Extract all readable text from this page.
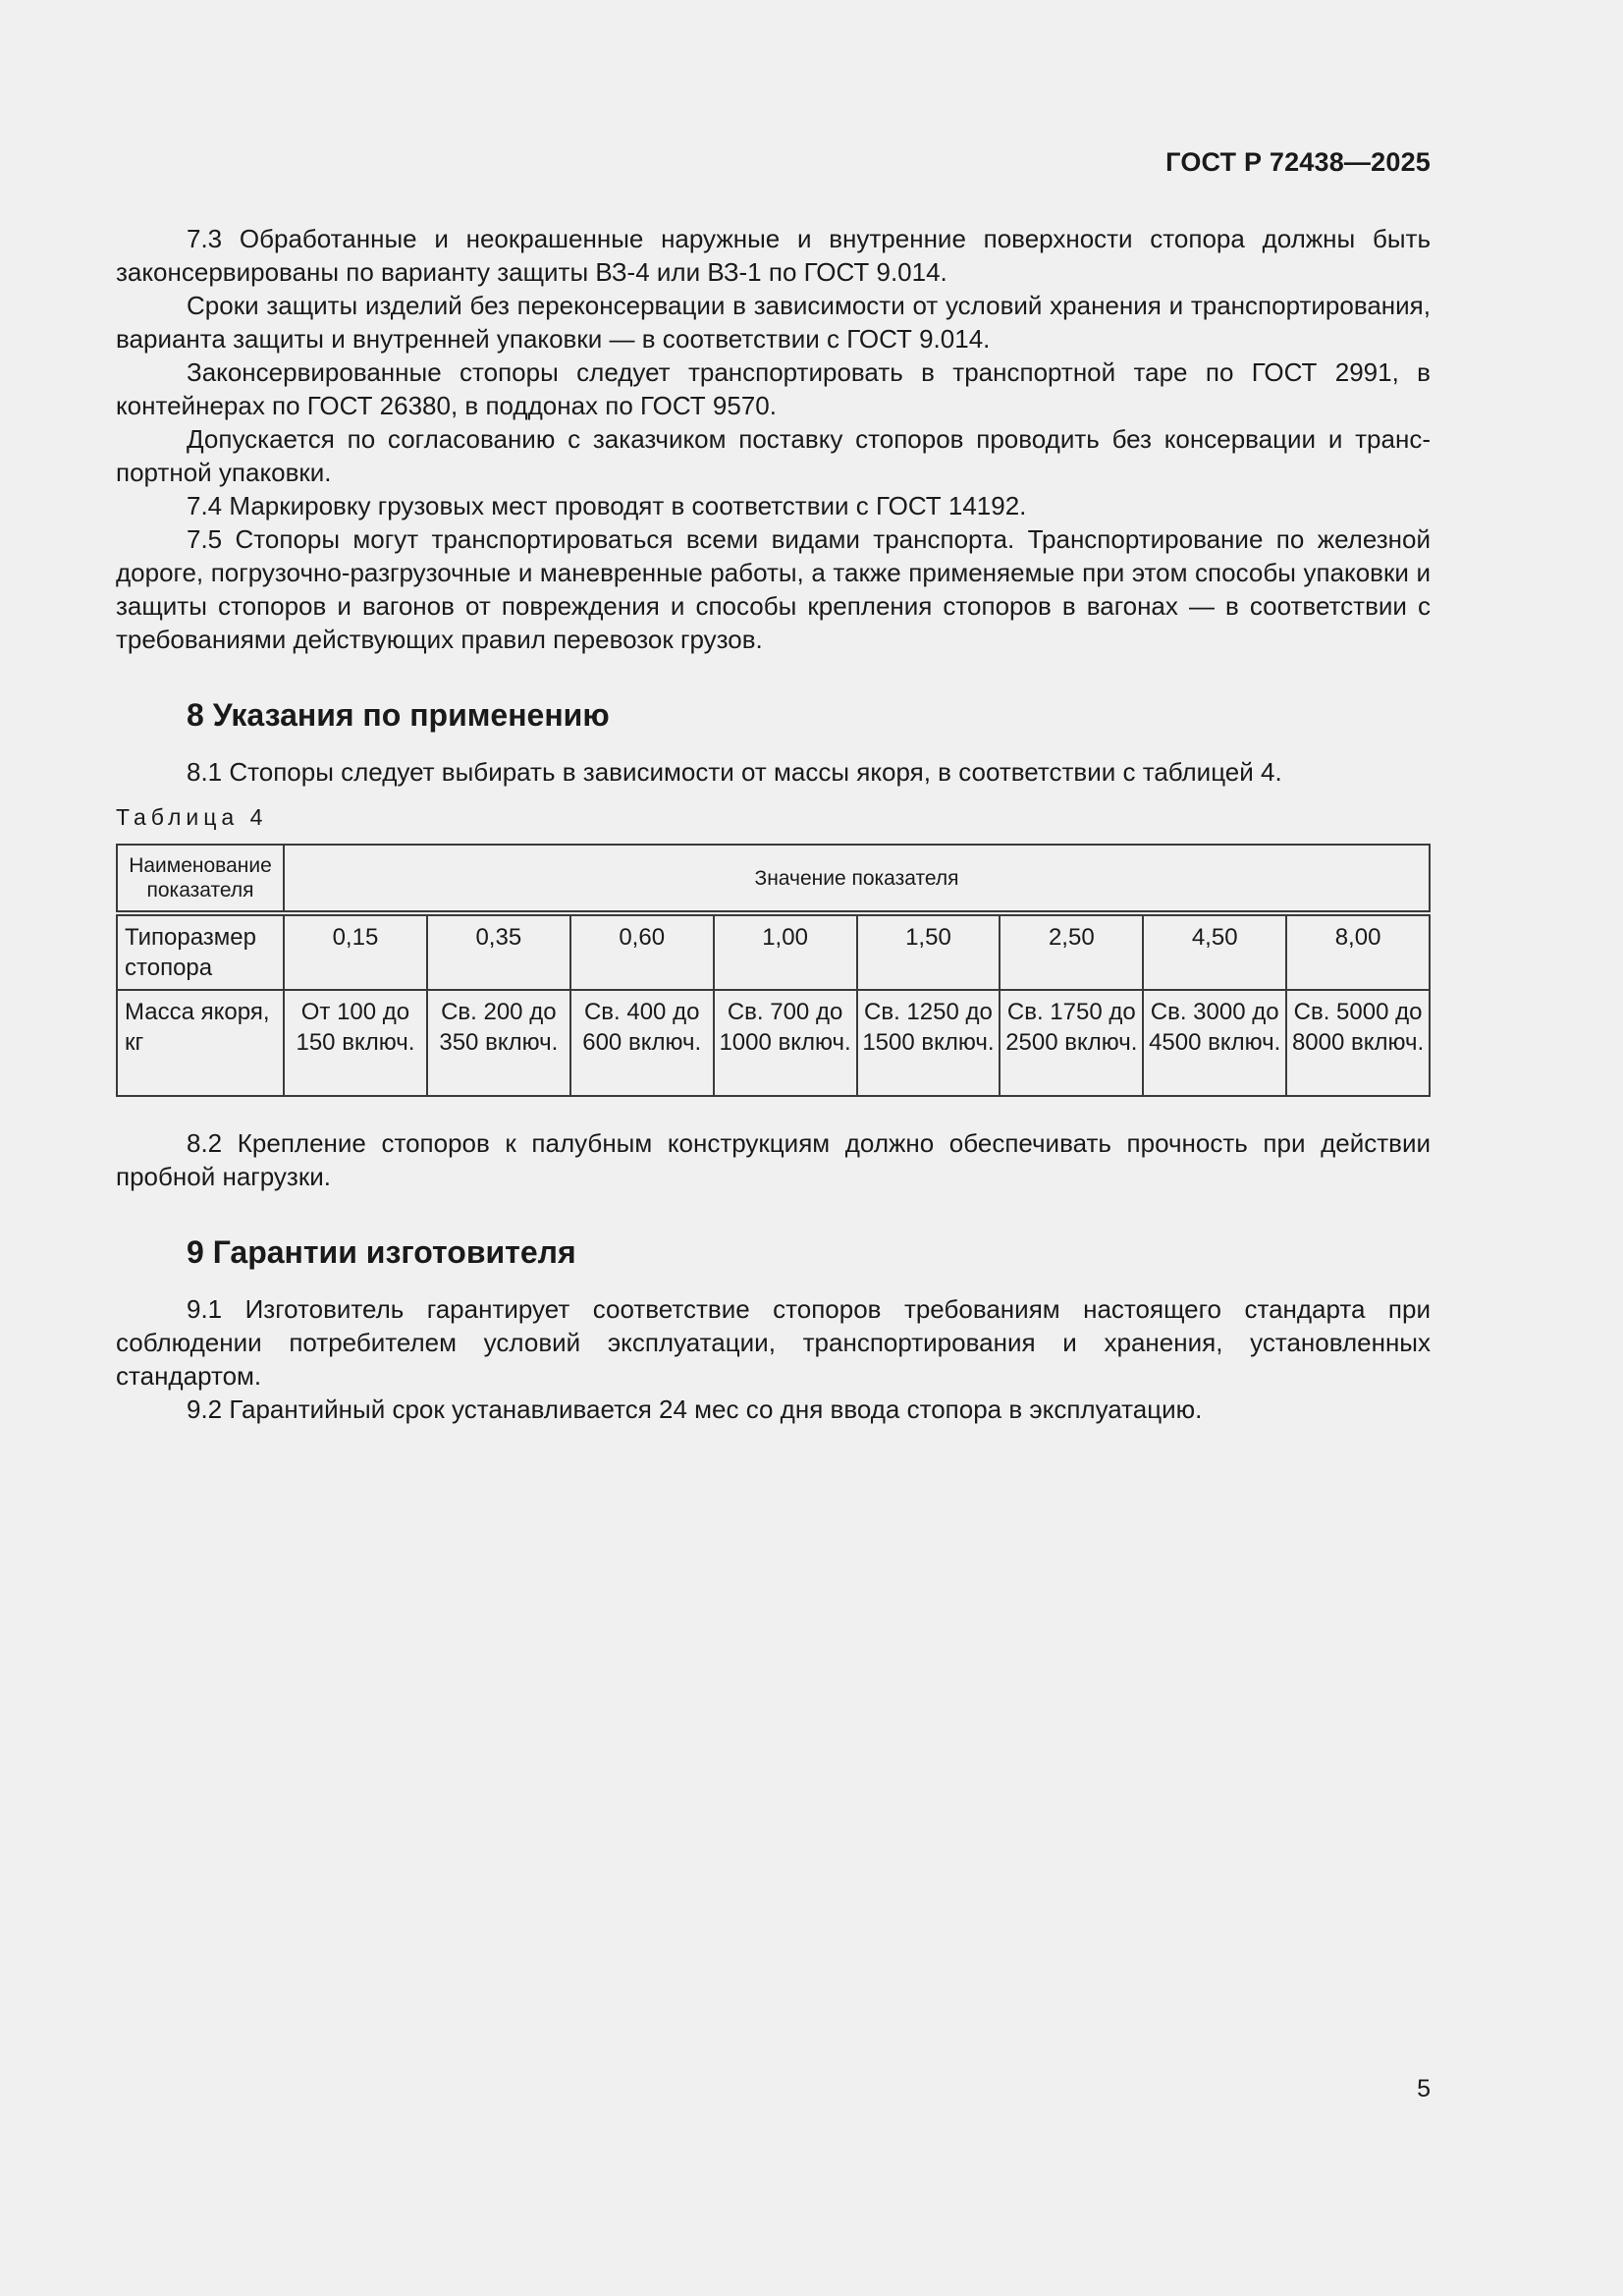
ГОСТ Р 72438—2025

7.3 Обработанные и неокрашенные наружные и внутренние поверхности стопора должны быть законсервированы по варианту защиты ВЗ-4 или ВЗ-1 по ГОСТ 9.014.

Сроки защиты изделий без переконсервации в зависимости от условий хранения и транспортирования, варианта защиты и внутренней упаковки — в соответствии с ГОСТ 9.014.

Законсервированные стопоры следует транспортировать в транспортной таре по ГОСТ 2991, в контейнерах по ГОСТ 26380, в поддонах по ГОСТ 9570.

Допускается по согласованию с заказчиком поставку стопоров проводить без консервации и транспортной упаковки.

7.4 Маркировку грузовых мест проводят в соответствии с ГОСТ 14192.

7.5 Стопоры могут транспортироваться всеми видами транспорта. Транспортирование по железной дороге, погрузочно-разгрузочные и маневренные работы, а также применяемые при этом способы упаковки и защиты стопоров и вагонов от повреждения и способы крепления стопоров в вагонах — в соответствии с требованиями действующих правил перевозок грузов.

8 Указания по применению

8.1 Стопоры следует выбирать в зависимости от массы якоря, в соответствии с таблицей 4.

Таблица 4

Наименование показателя	Значение показателя							
Типоразмер стопора	0,15	0,35	0,60	1,00	1,50	2,50	4,50	8,00
Масса якоря, кг	От 100 до 150 включ.	Св. 200 до 350 включ.	Св. 400 до 600 включ.	Св. 700 до 1000 включ.	Св. 1250 до 1500 включ.	Св. 1750 до 2500 включ.	Св. 3000 до 4500 включ.	Св. 5000 до 8000 включ.

8.2 Крепление стопоров к палубным конструкциям должно обеспечивать прочность при действии пробной нагрузки.

9 Гарантии изготовителя

9.1 Изготовитель гарантирует соответствие стопоров требованиям настоящего стандарта при соблюдении потребителем условий эксплуатации, транспортирования и хранения, установленных стандартом.

9.2 Гарантийный срок устанавливается 24 мес со дня ввода стопора в эксплуатацию.

5
